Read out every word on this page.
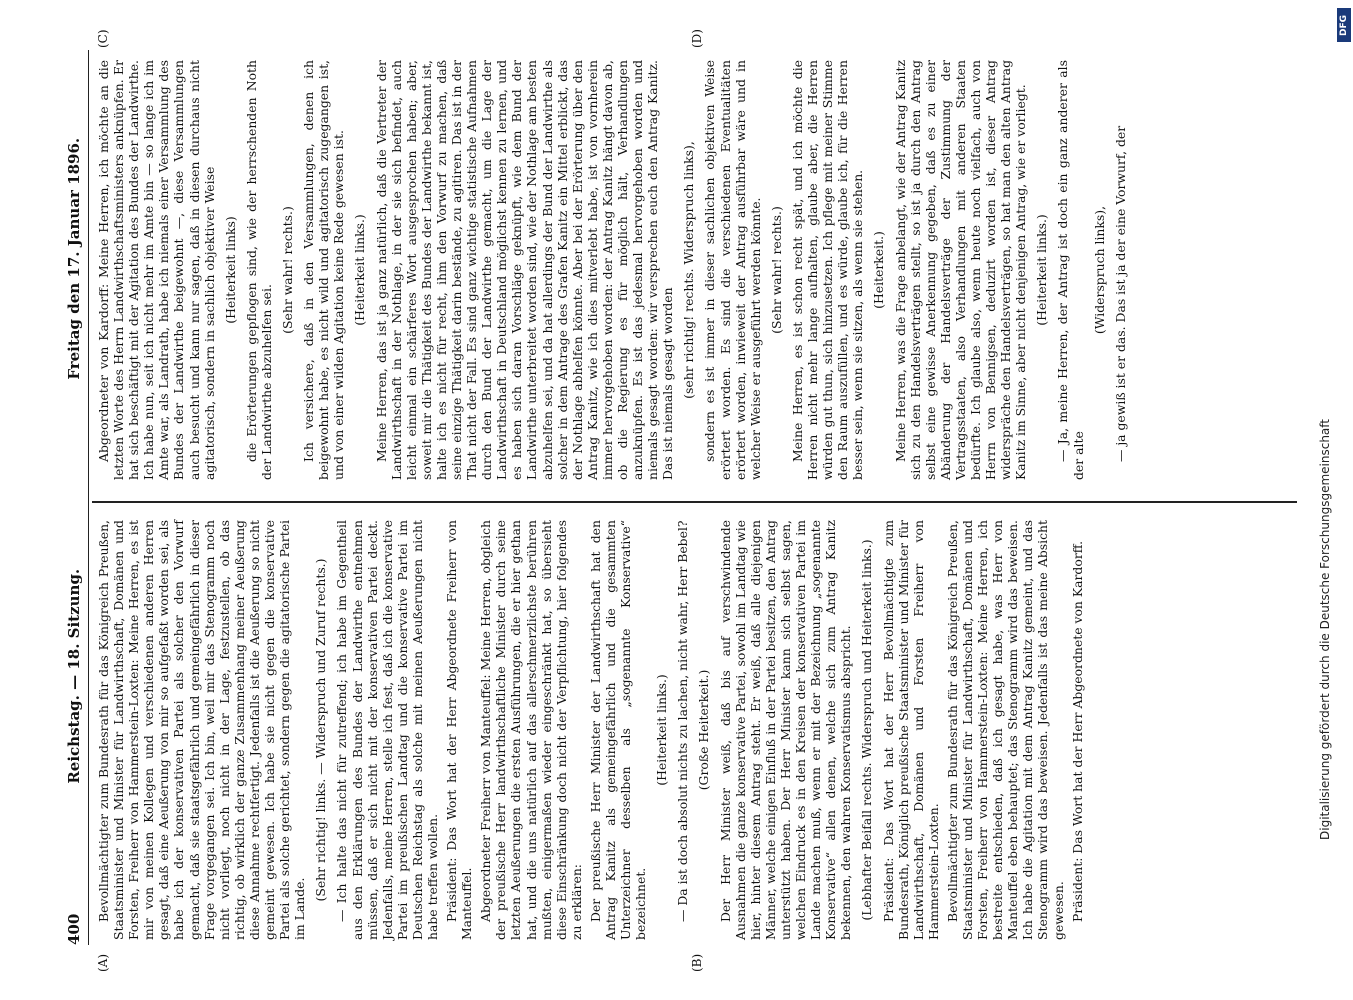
400
Reichstag. — 18. Sitzung.
Freitag den 17. Januar 1896.
(A)	(B)
(C)	(D)

Bevollmächtigter zum Bundesrath für das Königreich Preußen, Staatsminister und Minister für Landwirthschaft, Domänen und Forsten, Freiherr von Hammerstein-Loxten: Meine Herren, es ist mir von meinen Kollegen und verschiedenen anderen Herren gesagt, daß eine Aeußerung von mir so aufgefaßt worden sei, als habe ich der konservativen Partei als solcher den Vorwurf gemacht, daß sie staatsgefährlich und gemeingefährlich in dieser Frage vorgegangen sei. Ich bin, weil mir das Stenogramm noch nicht vorliegt, noch nicht in der Lage, festzustellen, ob das richtig, ob wirklich der ganze Zusammenhang meiner Aeußerung diese Annahme rechtfertigt. Jedenfalls ist die Aeußerung so nicht gemeint gewesen. Ich habe sie nicht gegen die konservative Partei als solche gerichtet, sondern gegen die agitatorische Partei im Lande.

(Sehr richtig! links. — Widerspruch und Zuruf rechts.) — Ich halte das nicht für zutreffend; ich habe im Gegentheil aus den Erklärungen des Bundes der Landwirthe entnehmen müssen, daß er sich nicht mit der konservativen Partei deckt. Jedenfalls, meine Herren, stelle ich fest, daß ich die konservative Partei im preußischen Landtag und die konservative Partei im Deutschen Reichstag als solche mit meinen Aeußerungen nicht habe treffen wollen. Präsident: Das Wort hat der Herr Abgeordnete Freiherr von Manteuffel. Abgeordneter Freiherr von Manteuffel: Meine Herren, obgleich der preußische Herr landwirthschaftliche Minister durch seine letzten Aeußerungen die ersten Ausführungen, die er hier gethan hat, und die uns natürlich auf das allerschmerzlichste berühren mußten, einigermaßen wieder eingeschränkt hat, so übersieht diese Einschränkung doch nicht der Verpflichtung, hier folgendes zu erklären: Der preußische Herr Minister der Landwirthschaft hat den Antrag Kanitz als gemeingefährlich und die gesammten Unterzeichner desselben als „sogenannte Konservative“ bezeichnet.

(Heiterkeit links.) — Da ist doch absolut nichts zu lachen, nicht wahr, Herr Bebel? (Große Heiterkeit.) Der Herr Minister weiß, daß bis auf verschwindende Ausnahmen die ganze konservative Partei, sowohl im Landtag wie hier, hinter diesem Antrag steht. Er weiß, daß alle diejenigen Männer, welche einigen Einfluß in der Partei besitzen, den Antrag unterstützt haben. Der Herr Minister kann sich selbst sagen, welchen Eindruck es in den Kreisen der konservativen Partei im Lande machen muß, wenn er mit der Bezeichnung „sogenannte Konservative“ allen denen, welche sich zum Antrag Kanitz bekennen, den wahren Konservatismus abspricht. (Lebhafter Beifall rechts. Widerspruch und Heiterkeit links.) Präsident: Das Wort hat der Herr Bevollmächtigte zum Bundesrath, Königlich preußische Staatsminister und Minister für Landwirthschaft, Domänen und Forsten Freiherr von Hammerstein-Loxten. Bevollmächtigter zum Bundesrath für das Königreich Preußen, Staatsminister und Minister für Landwirthschaft, Domänen und Forsten, Freiherr von Hammerstein-Loxten: Meine Herren, ich bestreite entschieden, daß ich gesagt habe, was Herr von Manteuffel eben behauptet; das Stenogramm wird das beweisen. Ich habe die Agitation mit dem Antrag Kanitz gemeint, und das Stenogramm wird das beweisen. Jedenfalls ist das meine Absicht gewesen. Präsident: Das Wort hat der Herr Abgeordnete von Kardorff.

Abgeordneter von Kardorff: Meine Herren, ich möchte an die letzten Worte des Herrn Landwirthschaftsministers anknüpfen. Er hat sich beschäftigt mit der Agitation des Bundes der Landwirthe. Ich habe nun, seit ich nicht mehr im Amte bin — so lange ich im Amte war, als Landrath, habe ich niemals einer Versammlung des Bundes der Landwirthe beigewohnt —, diese Versammlungen auch besucht und kann nur sagen, daß in diesen durchaus nicht agitatorisch, sondern in sachlich objektiver Weise (Heiterkeit links) die Erörterungen gepflogen sind, wie der herrschenden Noth der Landwirthe abzuhelfen sei.

(Sehr wahr! rechts.) Ich versichere, daß in den Versammlungen, denen ich beigewohnt habe, es nicht wild und agitatorisch zugegangen ist, und von einer wilden Agitation keine Rede gewesen ist. (Heiterkeit links.) Meine Herren, das ist ja ganz natürlich, daß die Vertreter der Landwirthschaft in der Nothlage, in der sie sich befindet, auch leicht einmal ein schärferes Wort ausgesprochen haben; aber, soweit mir die Thätigkeit des Bundes der Landwirthe bekannt ist, halte ich es nicht für recht, ihm den Vorwurf zu machen, daß seine einzige Thätigkeit darin bestände, zu agitiren. Das ist in der That nicht der Fall. Es sind ganz wichtige statistische Aufnahmen durch den Bund der Landwirthe gemacht, um die Lage der Landwirthschaft in Deutschland möglichst kennen zu lernen, und es haben sich daran Vorschläge geknüpft, wie dem Bund der Landwirthe unterbreitet worden sind, wie der Nothlage am besten abzuhelfen sei, und da hat allerdings der Bund der Landwirthe als solcher in dem Antrage des Grafen Kanitz ein Mittel erblickt, das der Nothlage abhelfen könnte. Aber bei der Erörterung über den Antrag Kanitz, wie ich dies mitverlebt habe, ist von vornherein immer hervorgehoben worden: der Antrag Kanitz hängt davon ab, ob die Regierung es für möglich hält, Verhandlungen anzuknüpfen. Es ist das jedesmal hervorgehoben worden und niemals gesagt worden: wir versprechen euch den Antrag Kanitz. Das ist niemals gesagt worden (sehr richtig! rechts. Widerspruch links), sondern es ist immer in dieser sachlichen objektiven Weise erörtert worden. Es sind die verschiedenen Eventualitäten erörtert worden, inwieweit der Antrag ausführbar wäre und in welcher Weise er ausgeführt werden könnte. (Sehr wahr! rechts.) Meine Herren, es ist schon recht spät, und ich möchte die Herren nicht mehr lange aufhalten, glaube aber, die Herren würden gut thun, sich hinzusetzen. Ich pflege mit meiner Stimme den Raum auszufüllen, und es würde, glaube ich, für die Herren besser sein, wenn sie sitzen, als wenn sie stehen. (Heiterkeit.) Meine Herren, was die Frage anbelangt, wie der Antrag Kanitz sich zu den Handelsverträgen stellt, so ist ja durch den Antrag selbst eine gewisse Anerkennung gegeben, daß es zu einer Abänderung der Handelsverträge der Zustimmung der Vertragsstaaten, also Verhandlungen mit anderen Staaten bedürfte. Ich glaube also, wenn heute noch vielfach, auch von Herrn von Bennigsen, deduzirt worden ist, dieser Antrag widerspräche den Handelsverträgen, so hat man den alten Antrag Kanitz im Sinne, aber nicht denjenigen Antrag, wie er vorliegt. (Heiterkeit links.) — Ja, meine Herren, der Antrag ist doch ein ganz anderer als der alte

(Widerspruch links), — ja gewiß ist er das. Das ist ja der eine Vorwurf, der

Digitalisierung gefördert durch die Deutsche Forschungsgemeinschaft
DFG
